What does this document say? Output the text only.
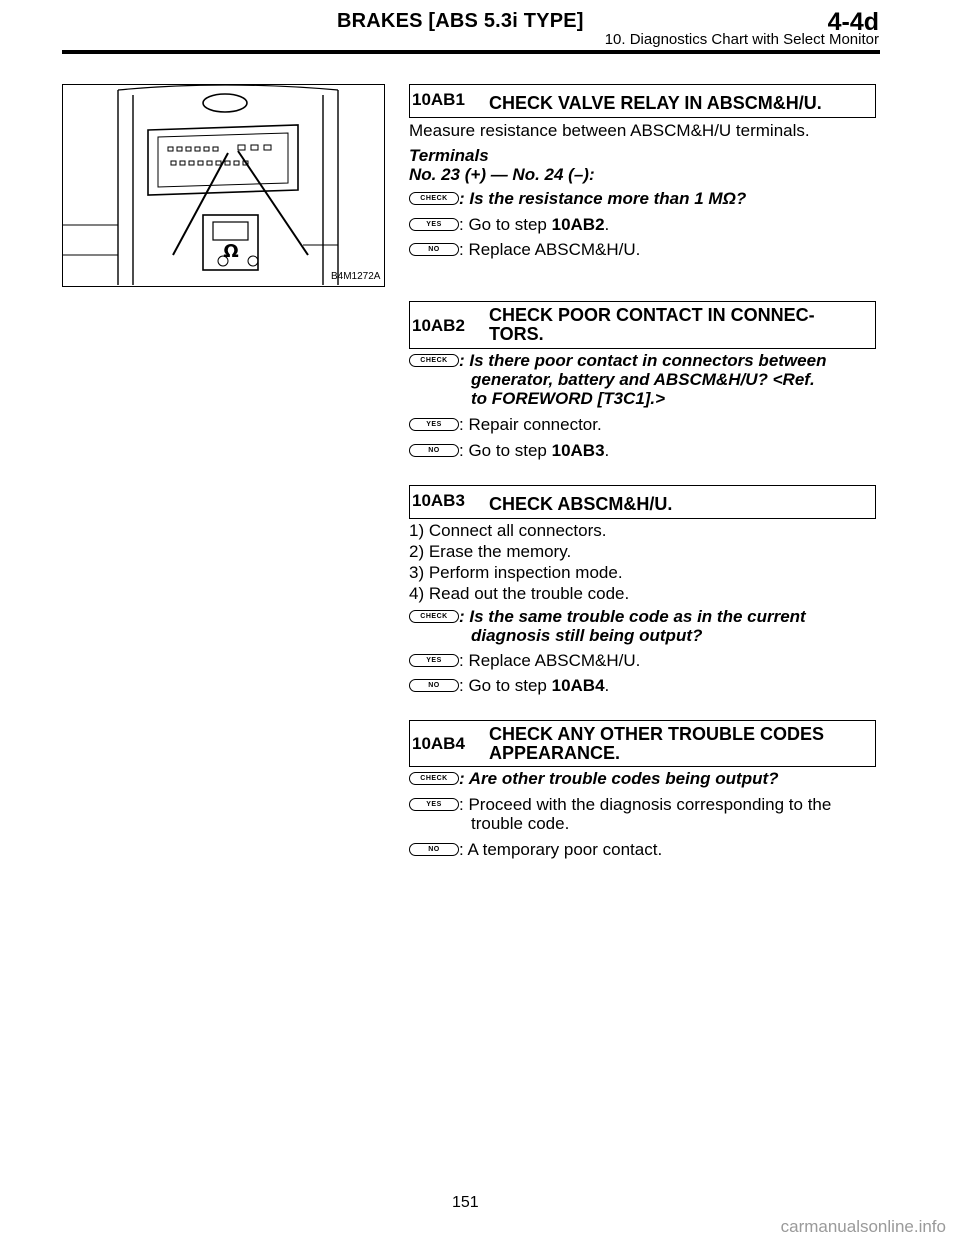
BRAKES [ABS 5.3i TYPE]	4-4d
10. Diagnostics Chart with Select Monitor
Ω
B4M1272A
10AB1	CHECK VALVE RELAY IN ABSCM&H/U.
Measure resistance between ABSCM&H/U terminals.
Terminals
No. 23 (+) — No. 24 (–):
CHECK : Is the resistance more than 1 MΩ?
YES	: Go to step 10AB2.
NO	: Replace ABSCM&H/U.
10AB2	CHECK POOR CONTACT IN CONNEC-
TORS.
CHECK : Is there poor contact in connectors between
generator, battery and ABSCM&H/U? <Ref.
to FOREWORD [T3C1].>
YES	: Repair connector.
NO	: Go to step 10AB3.
10AB3	CHECK ABSCM&H/U.
1) Connect all connectors.
2) Erase the memory.
3) Perform inspection mode.
4) Read out the trouble code.
CHECK : Is the same trouble code as in the current
diagnosis still being output?
YES	: Replace ABSCM&H/U.
NO	: Go to step 10AB4.
10AB4	CHECK ANY OTHER TROUBLE CODES
APPEARANCE.
CHECK : Are other trouble codes being output?
YES	: Proceed with the diagnosis corresponding to the
trouble code.
NO	: A temporary poor contact.
151
carmanualsonline.info
